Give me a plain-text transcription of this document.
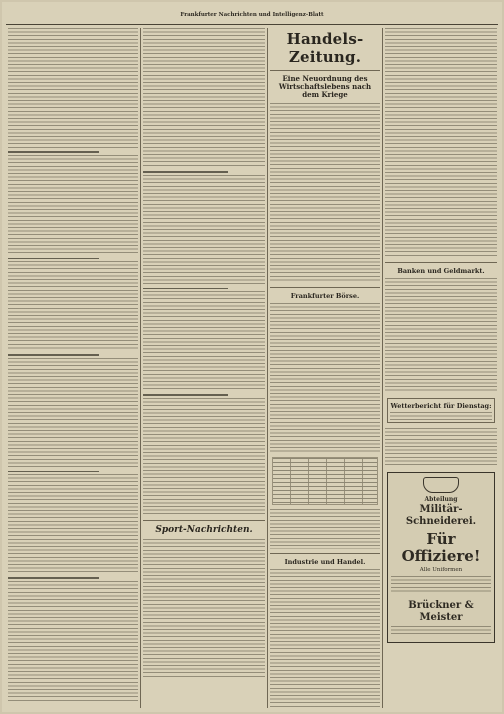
Frankfurter Nachrichten und Intelligenz-Blatt
Sport-Nachrichten.
Handels-Zeitung.
Eine Neuordnung des Wirtschaftslebens nach dem Kriege
Frankfurter Börse.
Industrie und Handel.
Banken und Geldmarkt.
Wetterbericht für Dienstag:
Abteilung
Militär-Schneiderei.
Für Offiziere!
Alle Uniformen
Brückner & Meister
